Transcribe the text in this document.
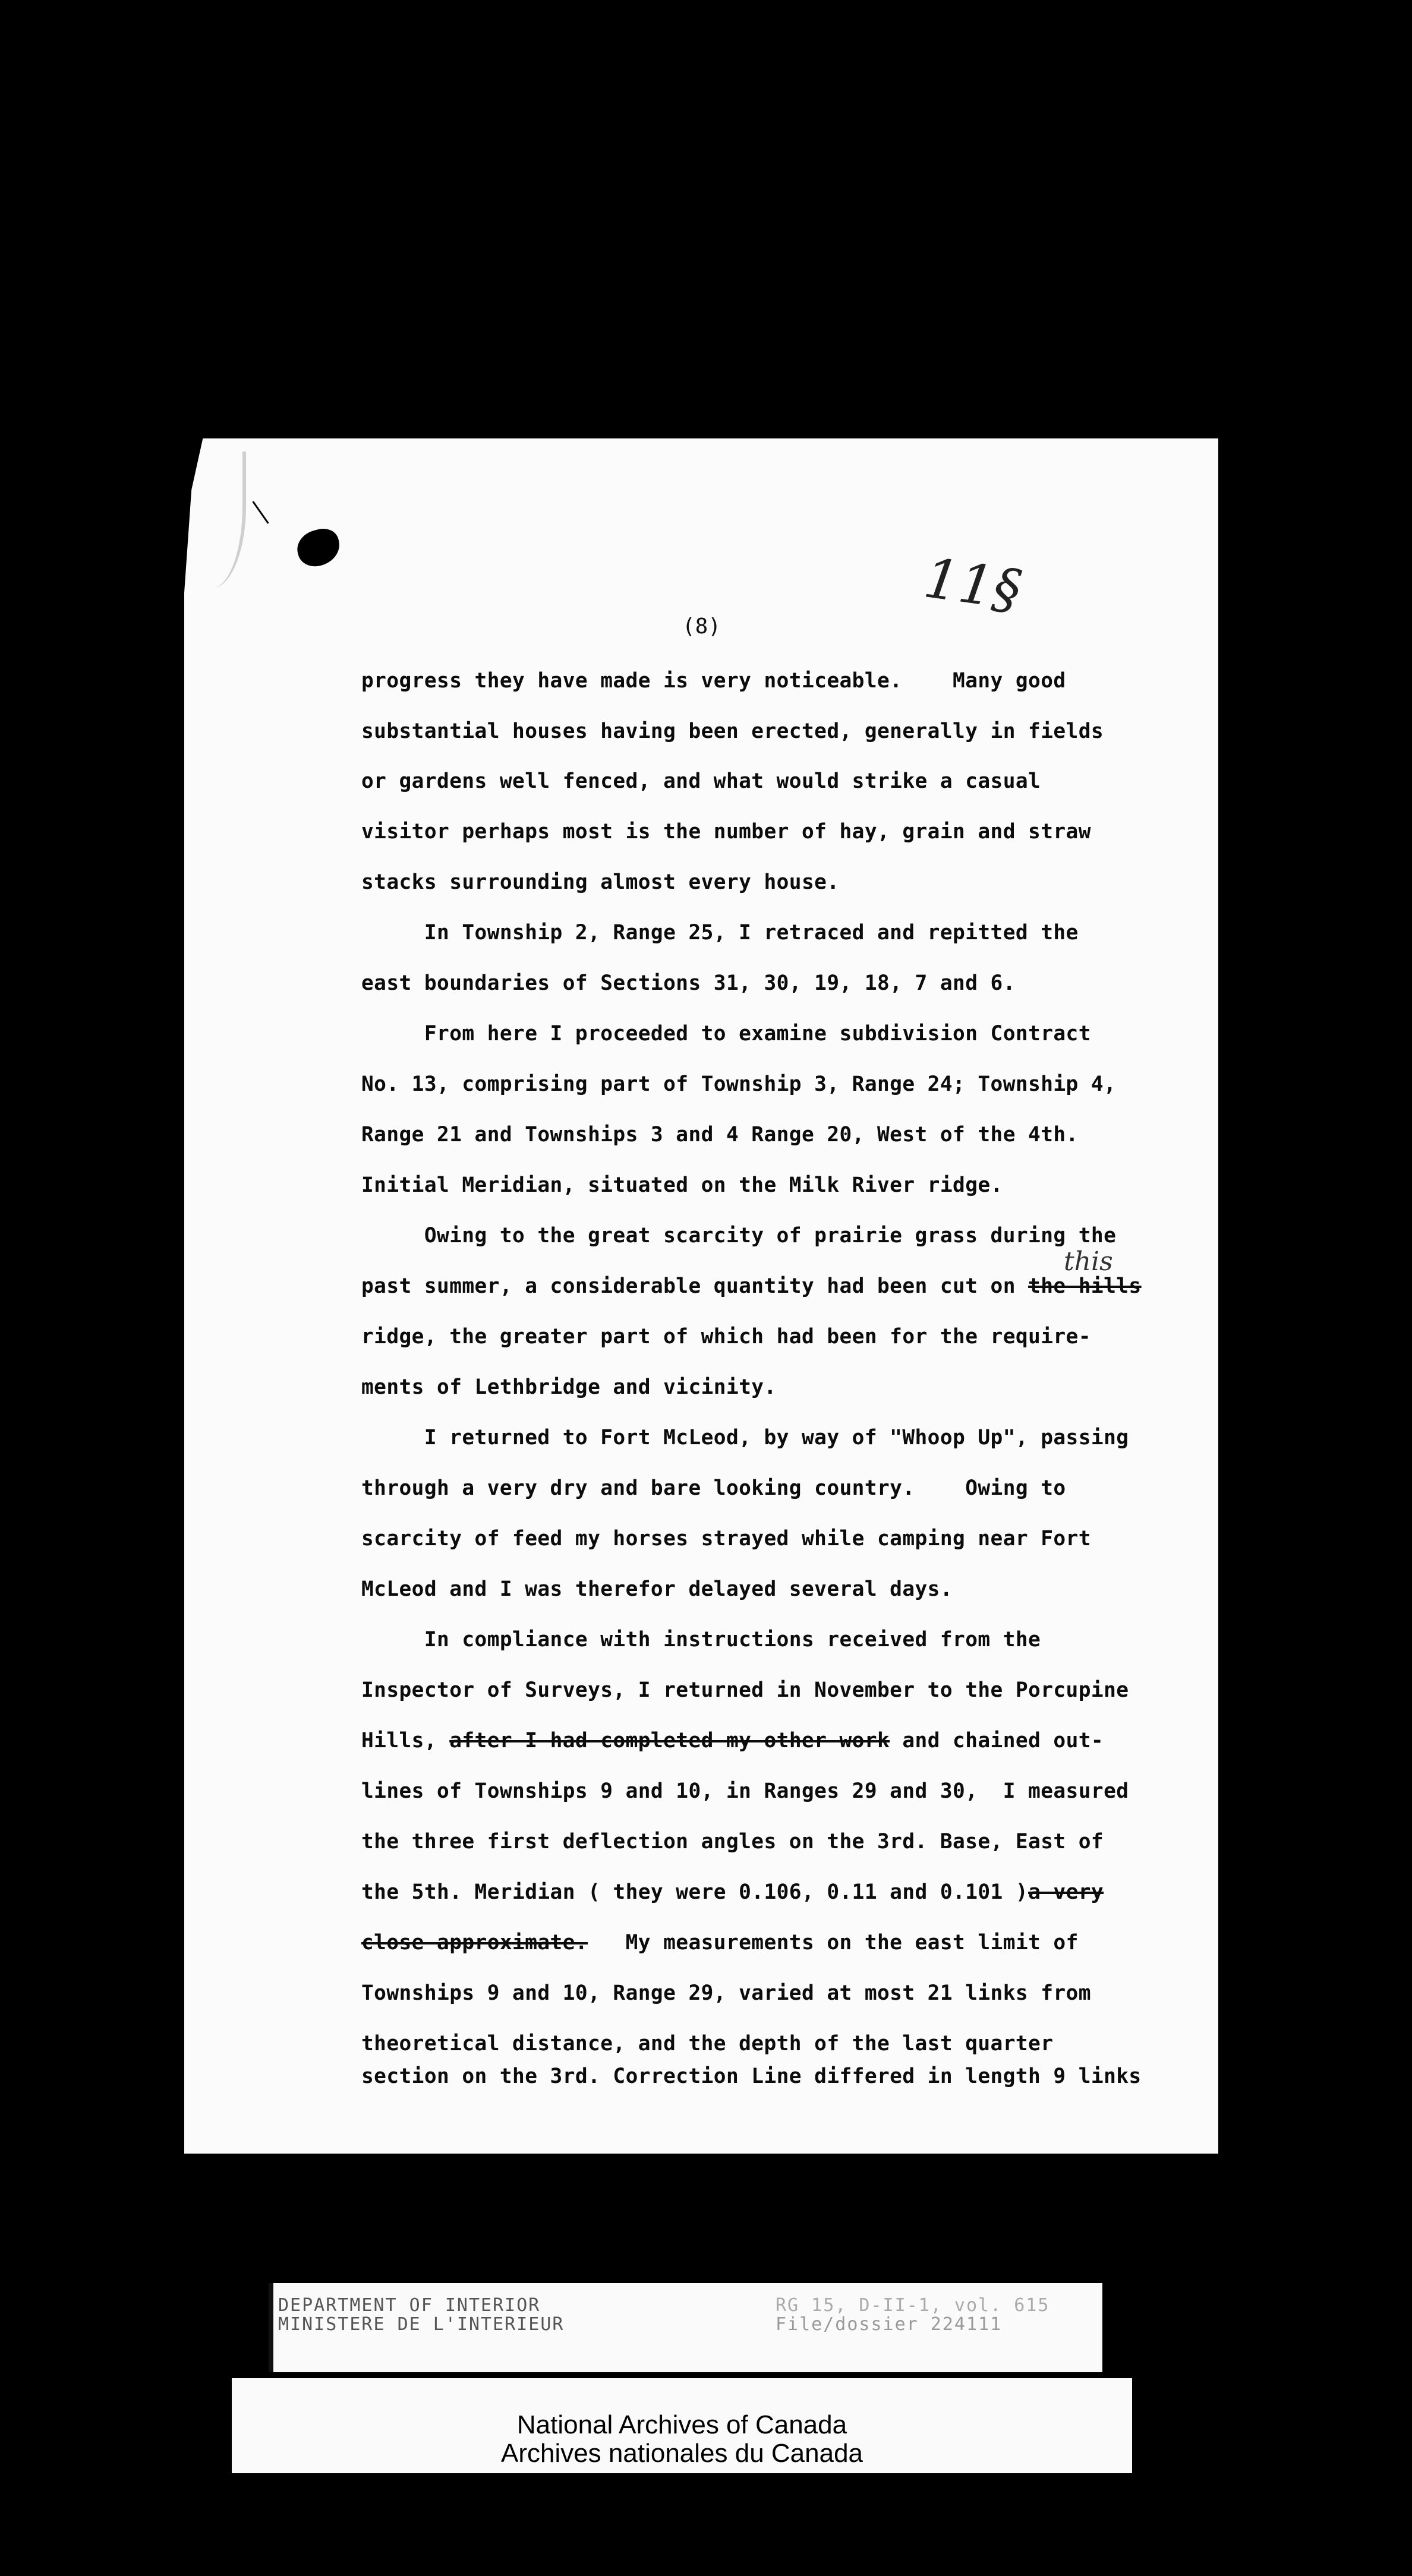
11§
(8)
progress they have made is very noticeable.    Many good
substantial houses having been erected, generally in fields
or gardens well fenced, and what would strike a casual
visitor perhaps most is the number of hay, grain and straw
stacks surrounding almost every house.
In Township 2, Range 25, I retraced and repitted the
east boundaries of Sections 31, 30, 19, 18, 7 and 6.
From here I proceeded to examine subdivision Contract
No. 13, comprising part of Township 3, Range 24; Township 4,
Range 21 and Townships 3 and 4 Range 20, West of the 4th.
Initial Meridian, situated on the Milk River ridge.
Owing to the great scarcity of prairie grass during the
past summer, a considerable quantity had been cut on the hills
ridge, the greater part of which had been for the require-
ments of Lethbridge and vicinity.
I returned to Fort McLeod, by way of "Whoop Up", passing
through a very dry and bare looking country.    Owing to
scarcity of feed my horses strayed while camping near Fort
McLeod and I was therefor delayed several days.
In compliance with instructions received from the
Inspector of Surveys, I returned in November to the Porcupine
Hills, after I had completed my other work and chained out-
lines of Townships 9 and 10, in Ranges 29 and 30,  I measured
the three first deflection angles on the 3rd. Base, East of
the 5th. Meridian ( they were 0.106, 0.11 and 0.101 )a very
close approximate.   My measurements on the east limit of
Townships 9 and 10, Range 29, varied at most 21 links from
theoretical distance, and the depth of the last quarter
section on the 3rd. Correction Line differed in length 9 links
this
DEPARTMENT OF INTERIOR
MINISTERE DE L'INTERIEUR
RG 15, D-II-1, vol. 615
File/dossier 224111
National Archives of Canada
Archives nationales du Canada
